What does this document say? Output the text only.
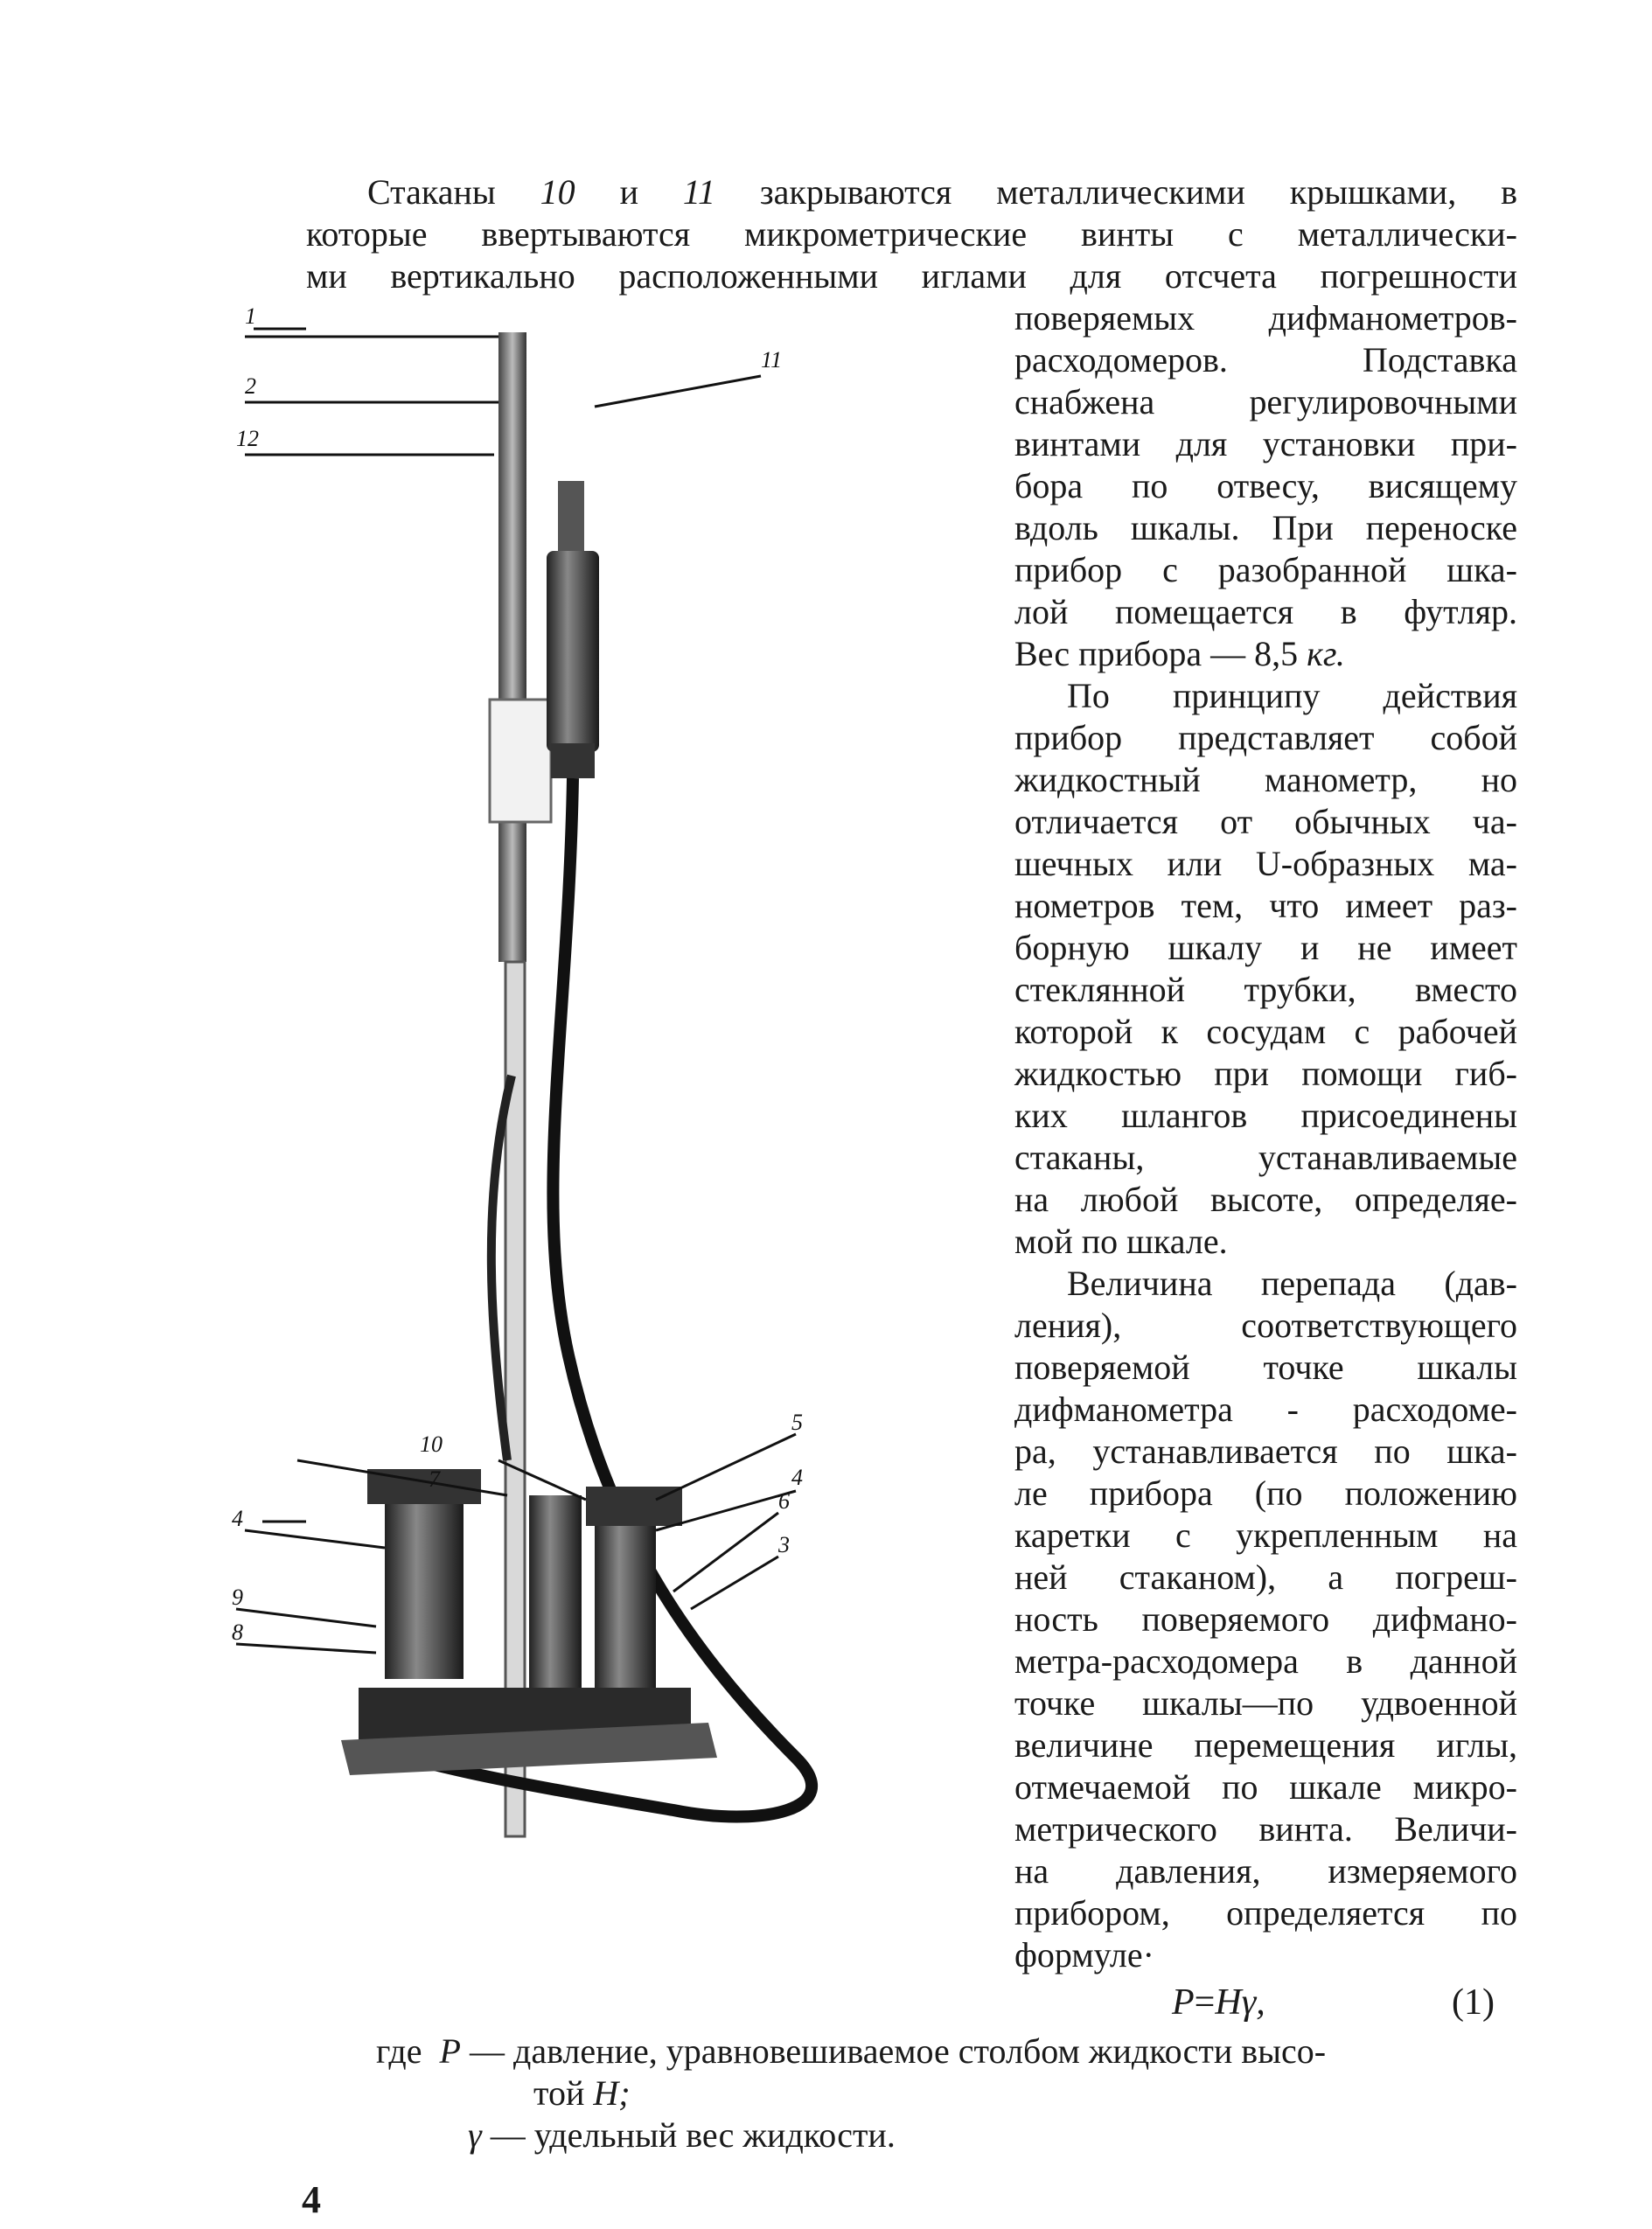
Стаканы 10 и 11 закрываются металлическими крышками, в
которые ввертываются микрометрические винты с металлически-
ми вертикально расположенными иглами для отсчета погрешности
поверяемых дифманометров-
расходомеров. Подставка
снабжена регулировочными
винтами для установки при-
бора по отвесу, висящему
вдоль шкалы. При переноске
прибор с разобранной шка-
лой помещается в футляр.
Вес прибора — 8,5 кг.
По принципу действия
прибор представляет собой
жидкостный манометр, но
отличается от обычных ча-
шечных или U-образных ма-
нометров тем, что имеет раз-
борную шкалу и не имеет
стеклянной трубки, вместо
которой к сосудам с рабочей
жидкостью при помощи гиб-
ких шлангов присоединены
стаканы, устанавливаемые
на любой высоте, определяе-
мой по шкале.
Величина перепада (дав-
ления), соответствующего
поверяемой точке шкалы
дифманометра - расходоме-
ра, устанавливается по шка-
ле прибора (по положению
каретки с укрепленным на
ней стаканом), а погреш-
ность поверяемого дифмано-
метра-расходомера в данной
точке шкалы—по удвоенной
величине перемещения иглы,
отмечаемой по шкале микро-
метрического винта. Величи-
на давления, измеряемого
прибором, определяется по
формуле·
P=Hγ,	(1)
где P — давление, уравновешиваемое столбом жидкости высо-
той H;
γ — удельный вес жидкости.
4
1
2
12
11
10
7
5
4
4
6
3
9
8
